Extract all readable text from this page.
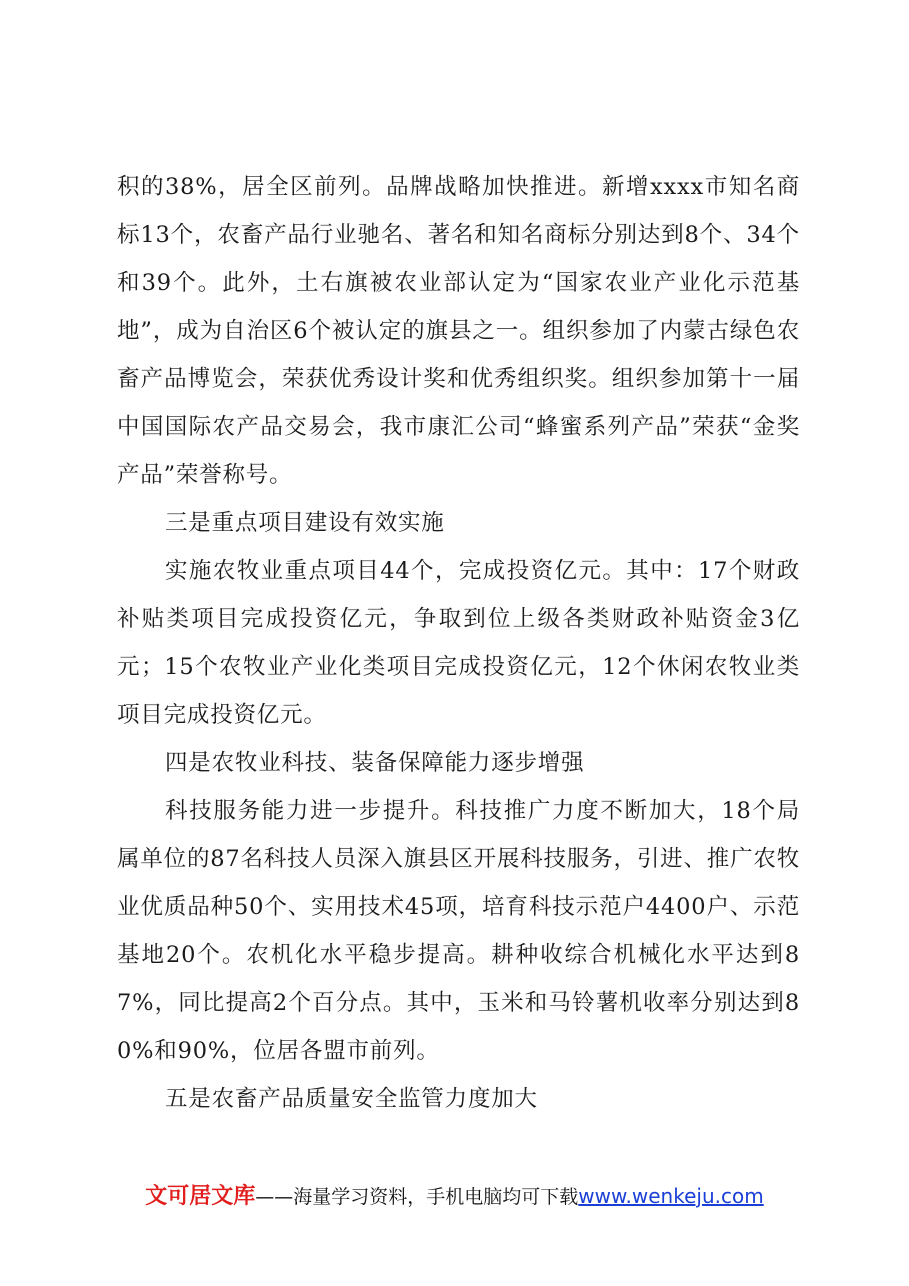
积的38%，居全区前列。品牌战略加快推进。新增xxxx市知名商标13个，农畜产品行业驰名、著名和知名商标分别达到8个、34个和39个。此外，土右旗被农业部认定为“国家农业产业化示范基地”，成为自治区6个被认定的旗县之一。组织参加了内蒙古绿色农畜产品博览会，荣获优秀设计奖和优秀组织奖。组织参加第十一届中国国际农产品交易会，我市康汇公司“蜂蜜系列产品”荣获“金奖产品”荣誉称号。

三是重点项目建设有效实施

实施农牧业重点项目44个，完成投资亿元。其中：17个财政补贴类项目完成投资亿元，争取到位上级各类财政补贴资金3亿元；15个农牧业产业化类项目完成投资亿元，12个休闲农牧业类项目完成投资亿元。

四是农牧业科技、装备保障能力逐步增强

科技服务能力进一步提升。科技推广力度不断加大，18个局属单位的87名科技人员深入旗县区开展科技服务，引进、推广农牧业优质品种50个、实用技术45项，培育科技示范户4400户、示范基地20个。农机化水平稳步提高。耕种收综合机械化水平达到87%，同比提高2个百分点。其中，玉米和马铃薯机收率分别达到80%和90%，位居各盟市前列。

五是农畜产品质量安全监管力度加大

文可居文库——海量学习资料，手机电脑均可下载www.wenkeju.com
